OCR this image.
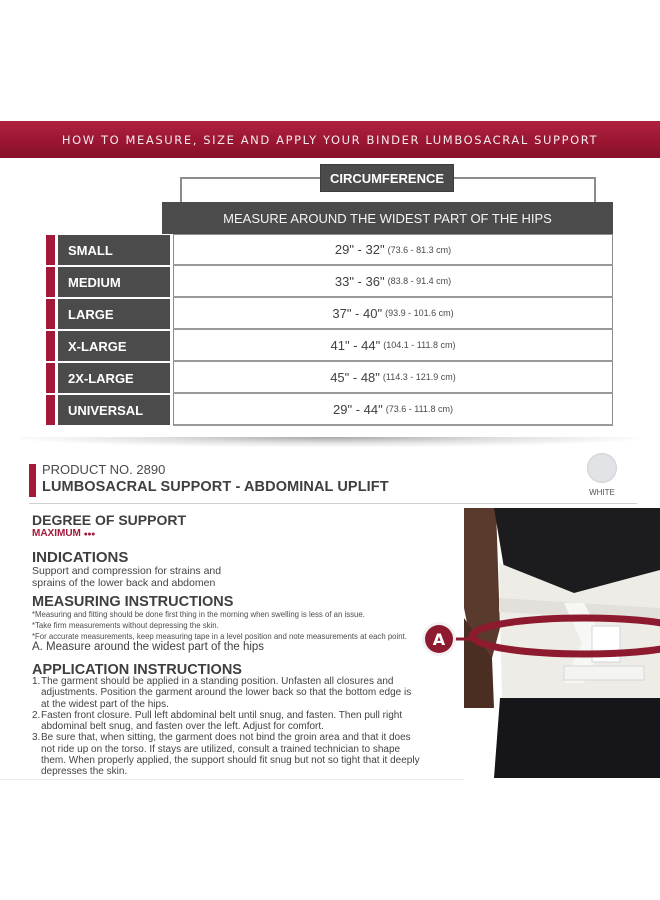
HOW TO MEASURE, SIZE AND APPLY YOUR BINDER LUMBOSACRAL SUPPORT
CIRCUMFERENCE
MEASURE AROUND THE WIDEST PART OF THE HIPS
SMALL	29" - 32" (73.6 - 81.3 cm)
MEDIUM	33" - 36" (83.8 - 91.4 cm)
LARGE	37" - 40" (93.9 - 101.6 cm)
X-LARGE	41" - 44" (104.1 - 111.8 cm)
2X-LARGE	45" - 48" (114.3 - 121.9 cm)
UNIVERSAL	29" - 44" (73.6 - 111.8 cm)
PRODUCT NO. 2890
LUMBOSACRAL SUPPORT - ABDOMINAL UPLIFT	WHITE
DEGREE OF SUPPORT
MAXIMUM ●●●
INDICATIONS
Support and compression for strains and
sprains of the lower back and abdomen
MEASURING INSTRUCTIONS
*Measuring and fitting should be done first thing in the morning when swelling is less of an issue.
*Take firm measurements without depressing the skin.
*For accurate measurements, keep measuring tape in a level position and note measurements at each point.
A. Measure around the widest part of the hips
APPLICATION INSTRUCTIONS
1. The garment should be applied in a standing position. Unfasten all closures and adjustments. Position the garment around the lower back so that the bottom edge is at the widest part of the hips.
2. Fasten front closure. Pull left abdominal belt until snug, and fasten. Then pull right abdominal belt snug, and fasten over the left. Adjust for comfort.
3. Be sure that, when sitting, the garment does not bind the groin area and that it does not ride up on the torso. If stays are utilized, consult a trained technician to shape them. When properly applied, the support should fit snug but not so tight that it deeply depresses the skin.
A
